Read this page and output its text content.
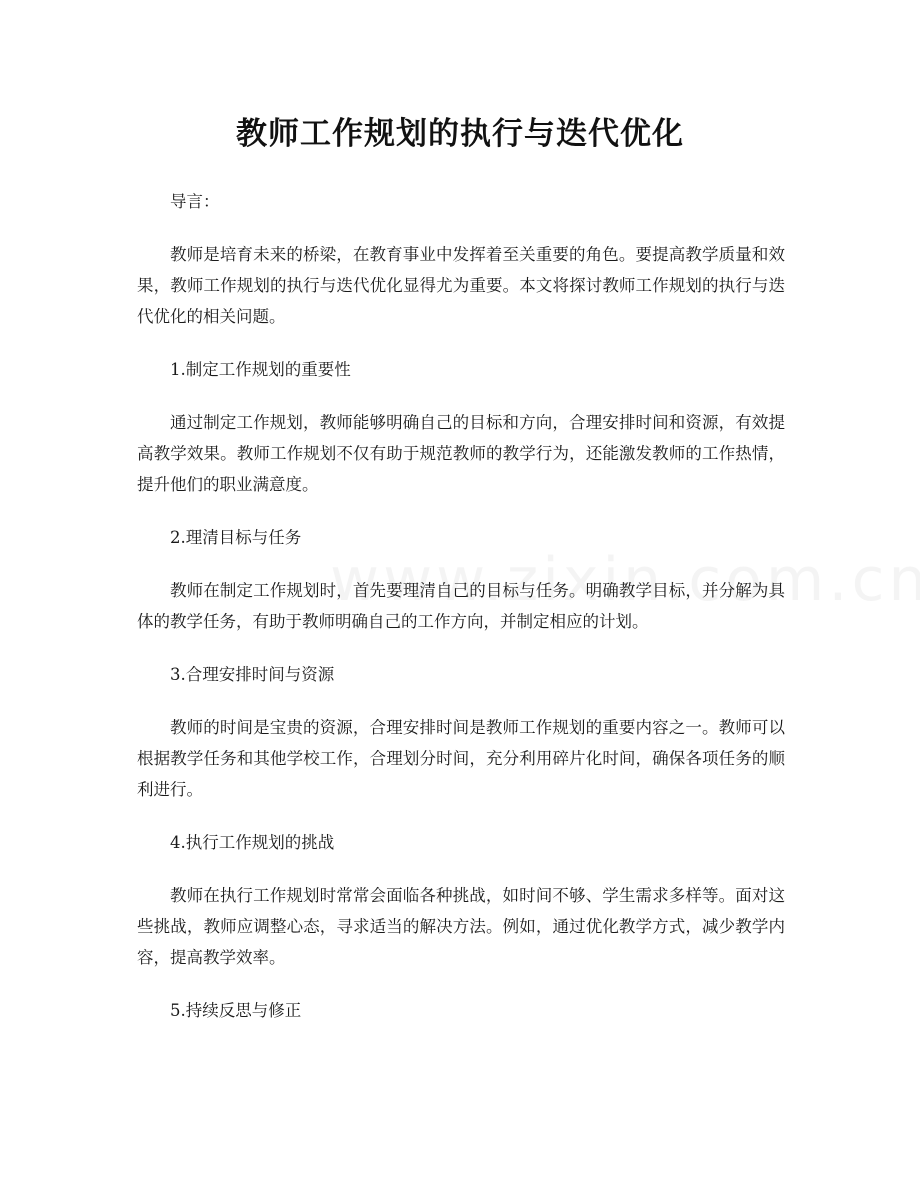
教师工作规划的执行与迭代优化

导言：

教师是培育未来的桥梁，在教育事业中发挥着至关重要的角色。要提高教学质量和效果，教师工作规划的执行与迭代优化显得尤为重要。本文将探讨教师工作规划的执行与迭代优化的相关问题。

1.制定工作规划的重要性

通过制定工作规划，教师能够明确自己的目标和方向，合理安排时间和资源，有效提高教学效果。教师工作规划不仅有助于规范教师的教学行为，还能激发教师的工作热情，提升他们的职业满意度。

2.理清目标与任务

教师在制定工作规划时，首先要理清自己的目标与任务。明确教学目标，并分解为具体的教学任务，有助于教师明确自己的工作方向，并制定相应的计划。

3.合理安排时间与资源

教师的时间是宝贵的资源，合理安排时间是教师工作规划的重要内容之一。教师可以根据教学任务和其他学校工作，合理划分时间，充分利用碎片化时间，确保各项任务的顺利进行。

4.执行工作规划的挑战

教师在执行工作规划时常常会面临各种挑战，如时间不够、学生需求多样等。面对这些挑战，教师应调整心态，寻求适当的解决方法。例如，通过优化教学方式，减少教学内容，提高教学效率。

5.持续反思与修正
